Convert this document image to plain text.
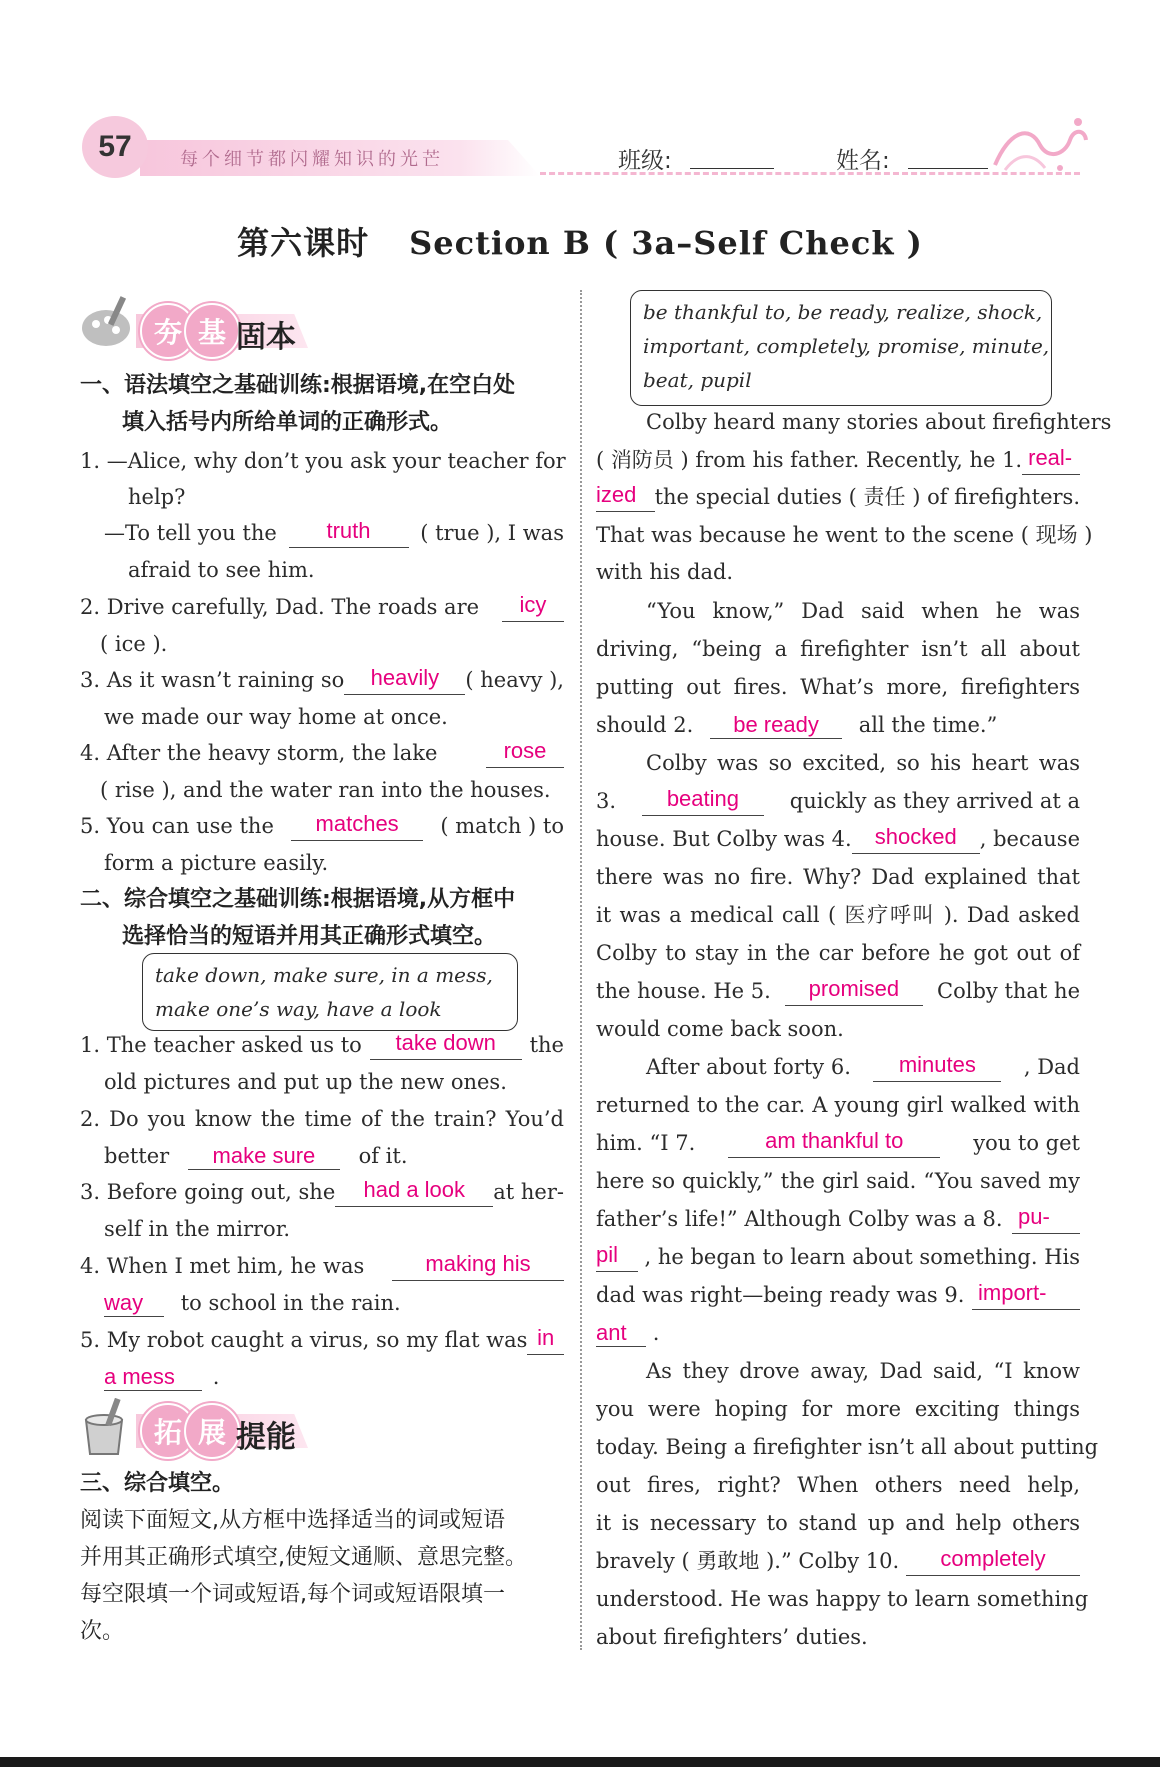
57	每个细节都闪耀知识的光芒	班级:	姓名:
第六课时 Section B ( 3a–Self Check )
夯 基 固本
一、语法填空之基础训练:根据语境,在空白处
填入括号内所给单词的正确形式。
1. —Alice, why don’t you ask your teacher for
help?
—To tell you the	truth	( true ), I was
afraid to see him.
2. Drive carefully, Dad. The roads are	icy
( ice ).
3. As it wasn’t raining so	heavily	( heavy ),
we made our way home at once.
4. After the heavy storm, the lake	rose
( rise ), and the water ran into the houses.
5. You can use the	matches	( match ) to
form a picture easily.
二、综合填空之基础训练:根据语境,从方框中
选择恰当的短语并用其正确形式填空。
take down, make sure, in a mess,
make one’s way, have a look
1. The teacher asked us to	take down	the
old pictures and put up the new ones.
2. Do you know the time of the train? You’d
better make sure of it.
3. Before going out, she	had a look	at her-
self in the mirror.
4. When I met him, he was	making his
way to school in the rain.
5. My robot caught a virus, so my flat was in
a mess .
拓 展 提能
三、综合填空。
阅读下面短文,从方框中选择适当的词或短语
并用其正确形式填空,使短文通顺、意思完整。
每空限填一个词或短语,每个词或短语限填一
次。
be thankful to, be ready, realize, shock,
important, completely, promise, minute,
beat, pupil
Colby heard many stories about firefighters
( 消防员 ) from his father. Recently, he 1. real-
ized the special duties ( 责任 ) of firefighters.
That was because he went to the scene ( 现场 )
with his dad.
“You know,” Dad said when he was
driving, “being a firefighter isn’t all about
putting out fires. What’s more, firefighters
should 2. be ready all the time.”
Colby was so excited, so his heart was
3.	beating	quickly as they arrived at a
house. But Colby was 4.	shocked	, because
there was no fire. Why? Dad explained that
it was a medical call ( 医疗呼叫 ). Dad asked
Colby to stay in the car before he got out of
the house. He 5.	promised	Colby that he
would come back soon.
After about forty 6.	minutes	, Dad
returned to the car. A young girl walked with
him. “I 7.	am thankful to	you to get
here so quickly,” the girl said. “You saved my
father’s life!” Although Colby was a 8. pu-
pil	, he began to learn about something. His
dad was right—being ready was 9. import-
ant .
As they drove away, Dad said, “I know
you were hoping for more exciting things
today. Being a firefighter isn’t all about putting
out fires, right? When others need help,
it is necessary to stand up and help others
bravely ( 勇敢地 ).” Colby 10.	completely
understood. He was happy to learn something
about firefighters’ duties.
